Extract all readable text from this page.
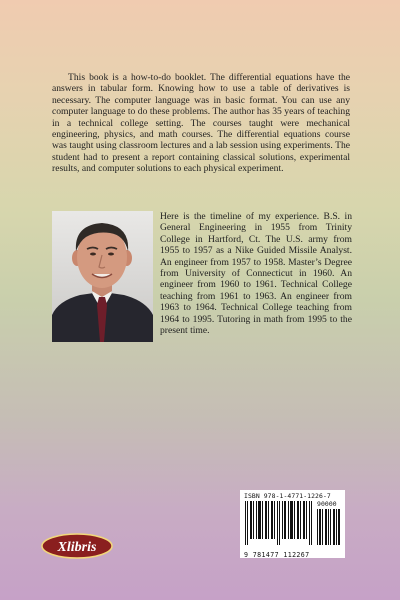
This book is a how-to-do booklet. The differential equations have the answers in tabular form. Knowing how to use a table of derivatives is necessary. The computer language was in basic format. You can use any computer language to do these problems. The author has 35 years of teaching in a technical college setting. The courses taught were mechanical engineering, physics, and math courses. The differential equations course was taught using classroom lectures and a lab session using experiments. The student had to present a report containing classical solutions, experimental results, and computer solutions to each physical experiment.

Here is the timeline of my experience. B.S. in General Engineering in 1955 from Trinity College in Hartford, Ct. The U.S. army from 1955 to 1957 as a Nike Guided Missile Analyst. An engineer from 1957 to 1958. Master’s Degree from University of Connecticut in 1960. An engineer from 1960 to 1961. Technical College teaching from 1961 to 1963. An engineer from 1963 to 1964. Technical College teaching from 1964 to 1995. Tutoring in math from 1995 to the present time.

ISBN 978-1-4771-1226-7
90000
9 781477 112267
Xlibris
